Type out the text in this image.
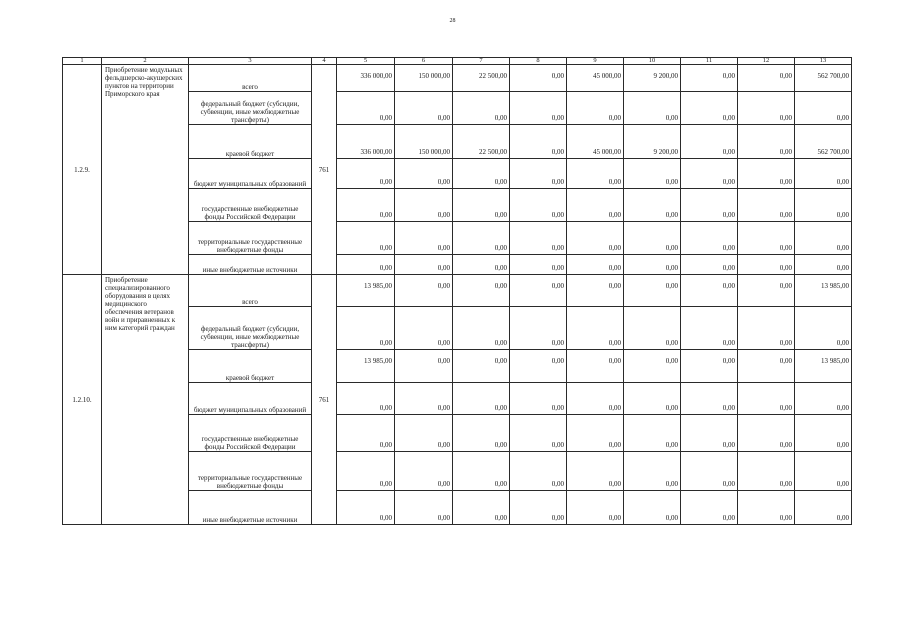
28
1	2	3	4	5	6	7	8	9	10	11	12	13
1.2.9.	Приобретение модульных фельдшерско-акушерских пунктов на территории Приморского края	всего	761	336 000,00	150 000,00	22 500,00	0,00	45 000,00	9 200,00	0,00	0,00	562 700,00
		федеральный бюджет (субсидии, субвенции, иные межбюджетные трансферты)		0,00	0,00	0,00	0,00	0,00	0,00	0,00	0,00	0,00
		краевой бюджет		336 000,00	150 000,00	22 500,00	0,00	45 000,00	9 200,00	0,00	0,00	562 700,00
		бюджет муниципальных образований		0,00	0,00	0,00	0,00	0,00	0,00	0,00	0,00	0,00
		государственные внебюджетные фонды Российской Федерации		0,00	0,00	0,00	0,00	0,00	0,00	0,00	0,00	0,00
		территориальные государственные внебюджетные фонды		0,00	0,00	0,00	0,00	0,00	0,00	0,00	0,00	0,00
		иные внебюджетные источники		0,00	0,00	0,00	0,00	0,00	0,00	0,00	0,00	0,00
1.2.10.	Приобретение специализированного оборудования в целях медицинского обеспечения ветеранов войн и приравненных к ним категорий граждан	всего	761	13 985,00	0,00	0,00	0,00	0,00	0,00	0,00	0,00	13 985,00
		федеральный бюджет (субсидии, субвенции, иные межбюджетные трансферты)		0,00	0,00	0,00	0,00	0,00	0,00	0,00	0,00	0,00
		краевой бюджет		13 985,00	0,00	0,00	0,00	0,00	0,00	0,00	0,00	13 985,00
		бюджет муниципальных образований		0,00	0,00	0,00	0,00	0,00	0,00	0,00	0,00	0,00
		государственные внебюджетные фонды Российской Федерации		0,00	0,00	0,00	0,00	0,00	0,00	0,00	0,00	0,00
		территориальные государственные внебюджетные фонды		0,00	0,00	0,00	0,00	0,00	0,00	0,00	0,00	0,00
		иные внебюджетные источники		0,00	0,00	0,00	0,00	0,00	0,00	0,00	0,00	0,00
